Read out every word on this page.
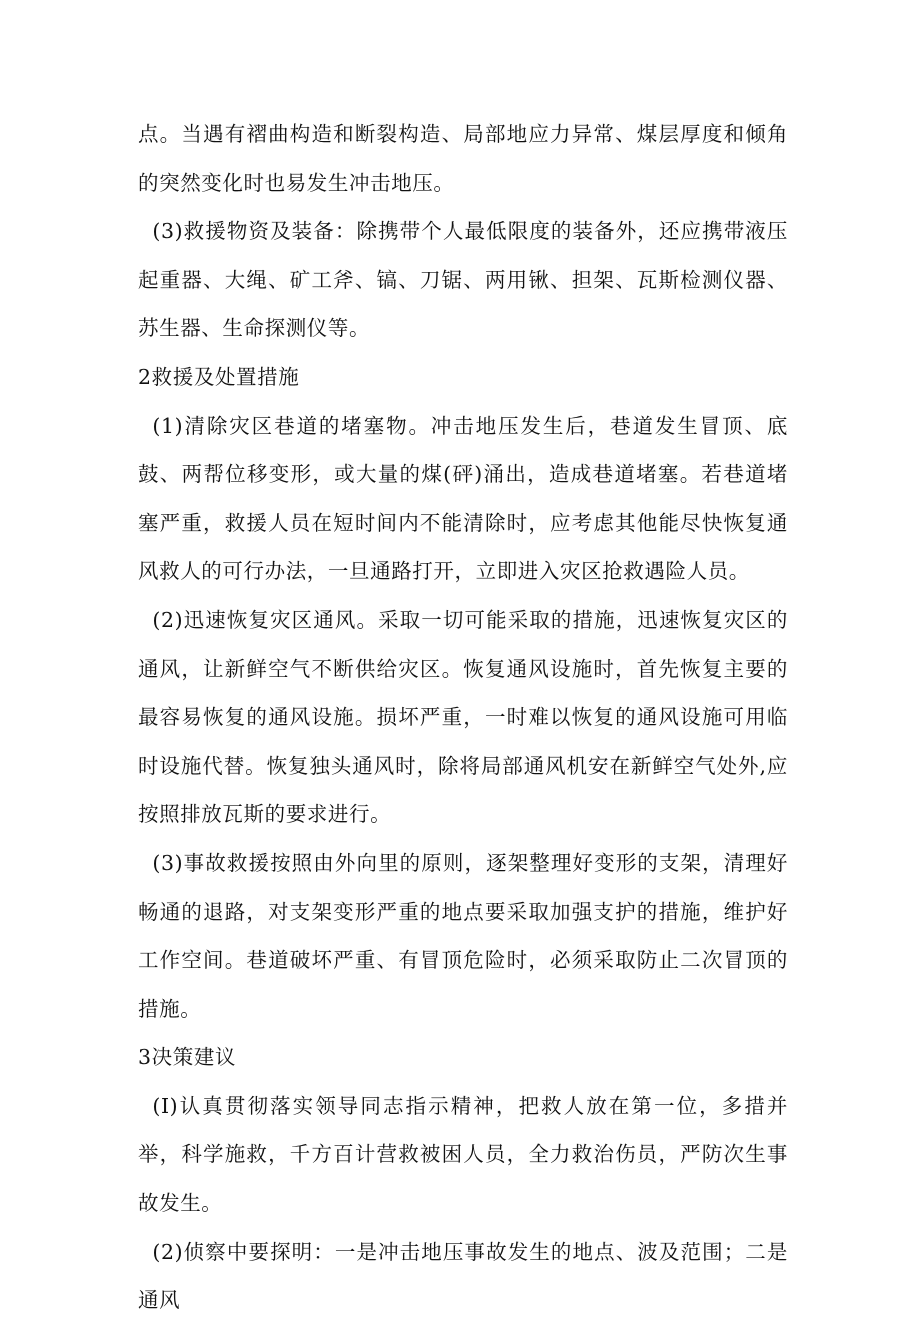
点。当遇有褶曲构造和断裂构造、局部地应力异常、煤层厚度和倾角的突然变化时也易发生冲击地压。

(3)救援物资及装备：除携带个人最低限度的装备外，还应携带液压起重器、大绳、矿工斧、镐、刀锯、两用锹、担架、瓦斯检测仪器、苏生器、生命探测仪等。

2救援及处置措施

(1)清除灾区巷道的堵塞物。冲击地压发生后，巷道发生冒顶、底鼓、两帮位移变形，或大量的煤(砰)涌出，造成巷道堵塞。若巷道堵塞严重，救援人员在短时间内不能清除时，应考虑其他能尽快恢复通风救人的可行办法，一旦通路打开，立即进入灾区抢救遇险人员。

(2)迅速恢复灾区通风。采取一切可能采取的措施，迅速恢复灾区的通风，让新鲜空气不断供给灾区。恢复通风设施时，首先恢复主要的最容易恢复的通风设施。损坏严重，一时难以恢复的通风设施可用临时设施代替。恢复独头通风时，除将局部通风机安在新鲜空气处外,应按照排放瓦斯的要求进行。

(3)事故救援按照由外向里的原则，逐架整理好变形的支架，清理好畅通的退路，对支架变形严重的地点要采取加强支护的措施，维护好工作空间。巷道破坏严重、有冒顶危险时，必须采取防止二次冒顶的措施。

3决策建议

(I)认真贯彻落实领导同志指示精神，把救人放在第一位，多措并举，科学施救，千方百计营救被困人员，全力救治伤员，严防次生事故发生。

(2)侦察中要探明：一是冲击地压事故发生的地点、波及范围；二是通风
